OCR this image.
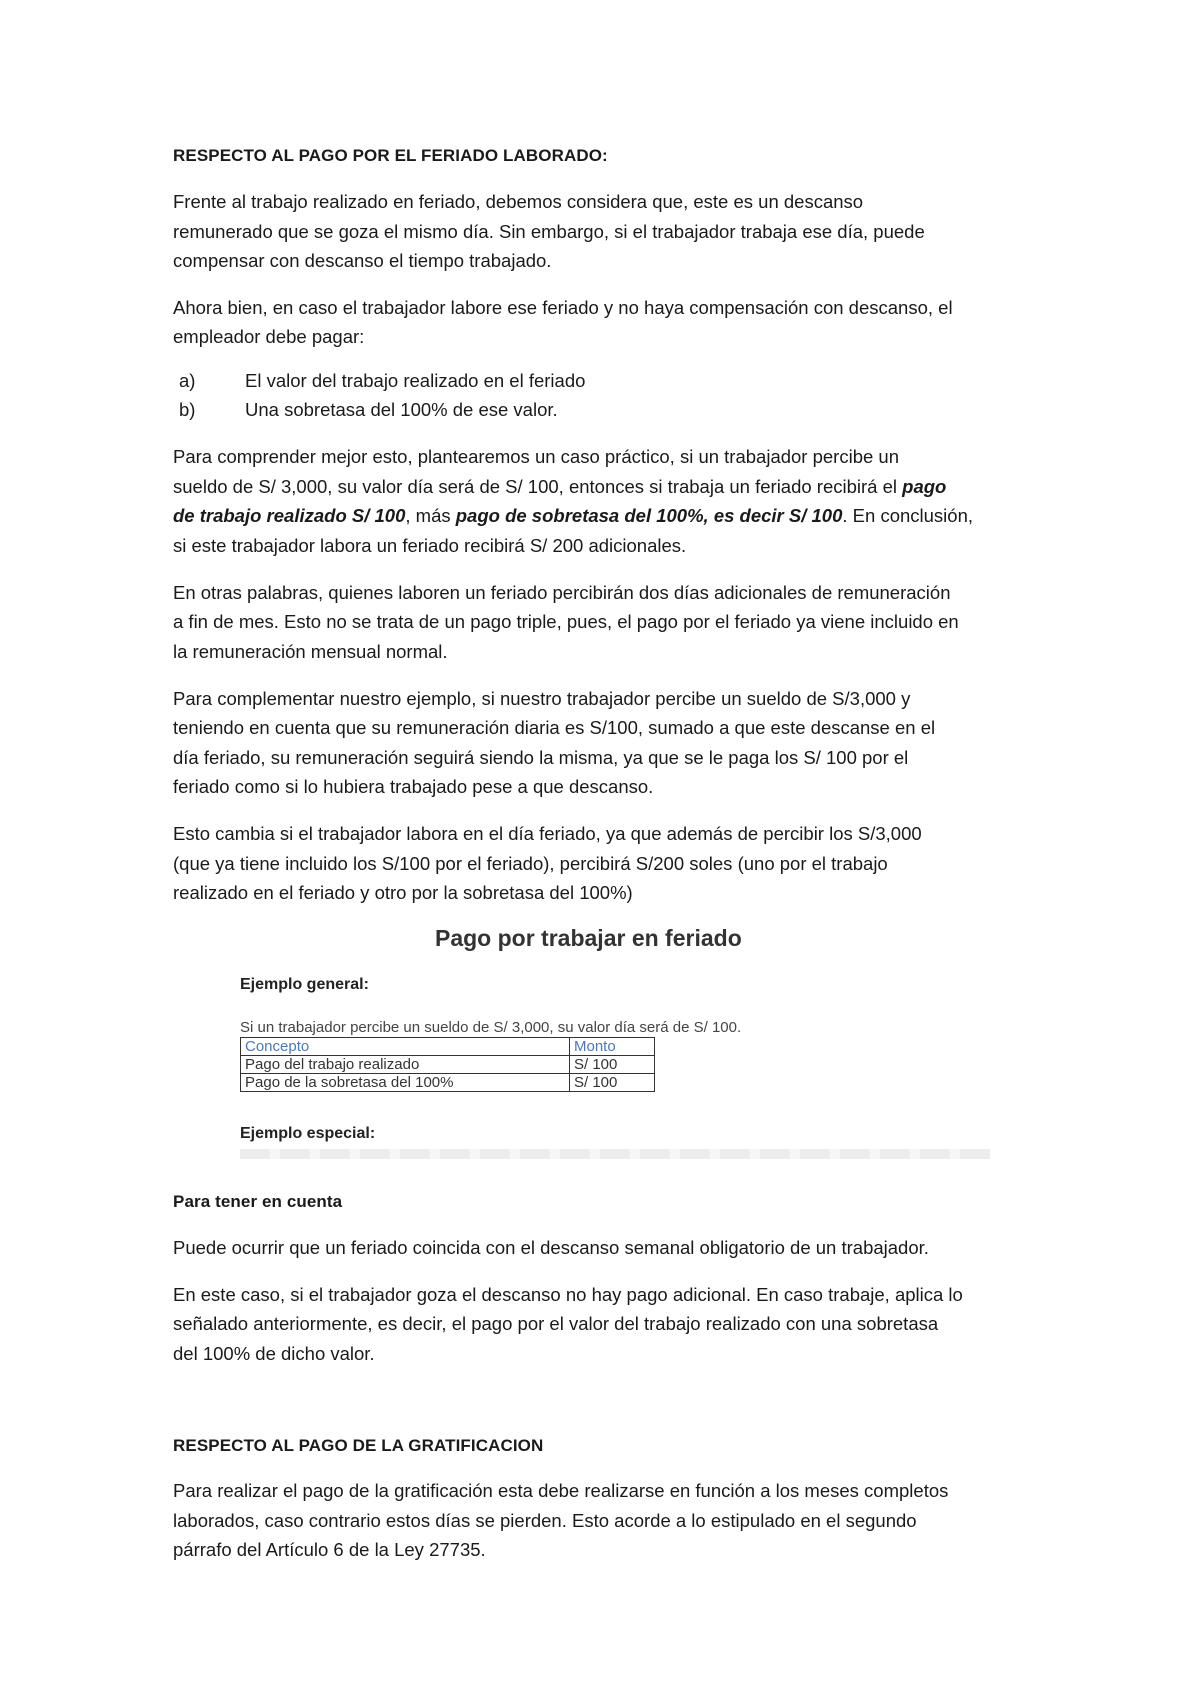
RESPECTO AL PAGO POR EL FERIADO LABORADO:
Frente al trabajo realizado en feriado, debemos considera que, este es un descanso
remunerado que se goza el mismo día. Sin embargo, si el trabajador trabaja ese día, puede
compensar con descanso el tiempo trabajado.
Ahora bien, en caso el trabajador labore ese feriado y no haya compensación con descanso, el
empleador debe pagar:
a)	El valor del trabajo realizado en el feriado
b)	Una sobretasa del 100% de ese valor.
Para comprender mejor esto, plantearemos un caso práctico, si un trabajador percibe un
sueldo de S/ 3,000, su valor día será de S/ 100, entonces si trabaja un feriado recibirá el pago
de trabajo realizado S/ 100, más pago de sobretasa del 100%, es decir S/ 100. En conclusión,
si este trabajador labora un feriado recibirá S/ 200 adicionales.
En otras palabras, quienes laboren un feriado percibirán dos días adicionales de remuneración
a fin de mes. Esto no se trata de un pago triple, pues, el pago por el feriado ya viene incluido en
la remuneración mensual normal.
Para complementar nuestro ejemplo, si nuestro trabajador percibe un sueldo de S/3,000 y
teniendo en cuenta que su remuneración diaria es S/100, sumado a que este descanse en el
día feriado, su remuneración seguirá siendo la misma, ya que se le paga los S/ 100 por el
feriado como si lo hubiera trabajado pese a que descanso.
Esto cambia si el trabajador labora en el día feriado, ya que además de percibir los S/3,000
(que ya tiene incluido los S/100 por el feriado), percibirá S/200 soles (uno por el trabajo
realizado en el feriado y otro por la sobretasa del 100%)
Para tener en cuenta
Puede ocurrir que un feriado coincida con el descanso semanal obligatorio de un trabajador.
En este caso, si el trabajador goza el descanso no hay pago adicional. En caso trabaje, aplica lo
señalado anteriormente, es decir, el pago por el valor del trabajo realizado con una sobretasa
del 100% de dicho valor.
RESPECTO AL PAGO DE LA GRATIFICACION
Para realizar el pago de la gratificación esta debe realizarse en función a los meses completos
laborados, caso contrario estos días se pierden. Esto acorde a lo estipulado en el segundo
párrafo del Artículo 6 de la Ley 27735.
Pago por trabajar en feriado
Ejemplo general:
Si un trabajador percibe un sueldo de S/ 3,000, su valor día será de S/ 100.
Concepto	Monto
Pago del trabajo realizado	S/ 100
Pago de la sobretasa del 100%	S/ 100
Ejemplo especial:
